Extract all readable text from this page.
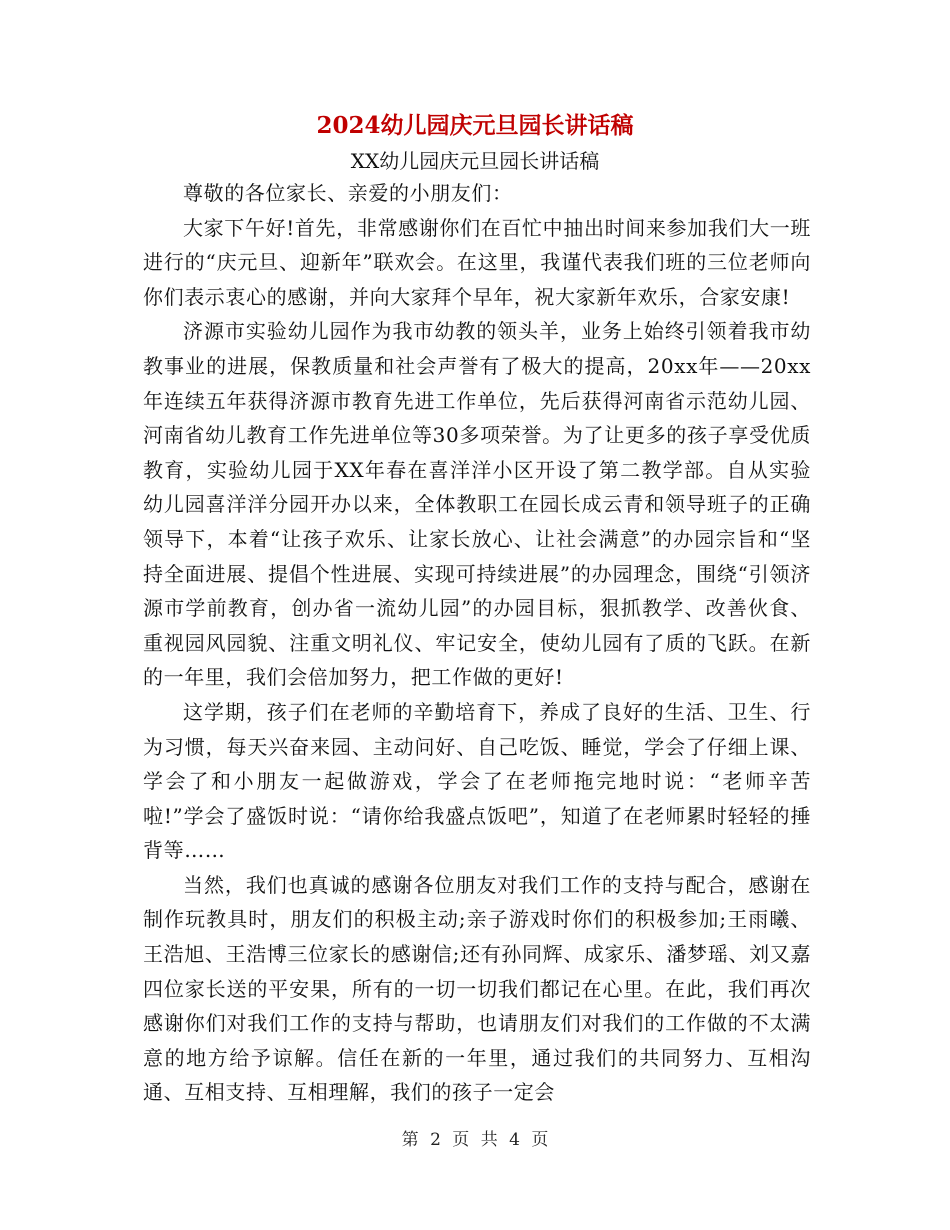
2024幼儿园庆元旦园长讲话稿
XX幼儿园庆元旦园长讲话稿

尊敬的各位家长、亲爱的小朋友们：

大家下午好!首先，非常感谢你们在百忙中抽出时间来参加我们大一班进行的“庆元旦、迎新年”联欢会。在这里，我谨代表我们班的三位老师向你们表示衷心的感谢，并向大家拜个早年，祝大家新年欢乐，合家安康!

济源市实验幼儿园作为我市幼教的领头羊，业务上始终引领着我市幼教事业的进展，保教质量和社会声誉有了极大的提高，20xx年——20xx年连续五年获得济源市教育先进工作单位，先后获得河南省示范幼儿园、河南省幼儿教育工作先进单位等30多项荣誉。为了让更多的孩子享受优质教育，实验幼儿园于XX年春在喜洋洋小区开设了第二教学部。自从实验幼儿园喜洋洋分园开办以来，全体教职工在园长成云青和领导班子的正确领导下，本着“让孩子欢乐、让家长放心、让社会满意”的办园宗旨和“坚持全面进展、提倡个性进展、实现可持续进展”的办园理念，围绕“引领济源市学前教育，创办省一流幼儿园”的办园目标，狠抓教学、改善伙食、重视园风园貌、注重文明礼仪、牢记安全，使幼儿园有了质的飞跃。在新的一年里，我们会倍加努力，把工作做的更好!

这学期，孩子们在老师的辛勤培育下，养成了良好的生活、卫生、行为习惯，每天兴奋来园、主动问好、自己吃饭、睡觉，学会了仔细上课、学会了和小朋友一起做游戏，学会了在老师拖完地时说：“老师辛苦啦!”学会了盛饭时说：“请你给我盛点饭吧”，知道了在老师累时轻轻的捶背等……

当然，我们也真诚的感谢各位朋友对我们工作的支持与配合，感谢在制作玩教具时，朋友们的积极主动;亲子游戏时你们的积极参加;王雨曦、王浩旭、王浩博三位家长的感谢信;还有孙同辉、成家乐、潘梦瑶、刘又嘉四位家长送的平安果，所有的一切一切我们都记在心里。在此，我们再次感谢你们对我们工作的支持与帮助，也请朋友们对我们的工作做的不太满意的地方给予谅解。信任在新的一年里，通过我们的共同努力、互相沟通、互相支持、互相理解，我们的孩子一定会

第 2 页 共 4 页
